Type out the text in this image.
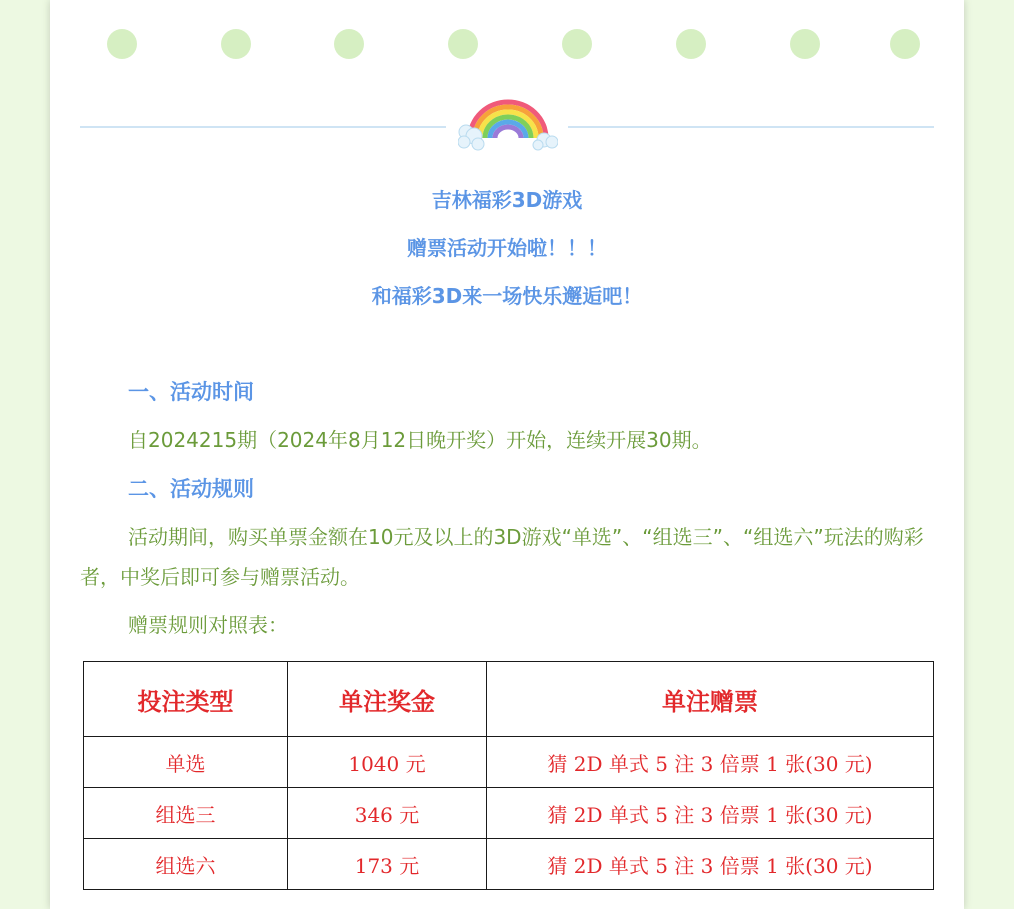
吉林福彩3D游戏
赠票活动开始啦！！！
和福彩3D来一场快乐邂逅吧！
一、活动时间
自2024215期（2024年8月12日晚开奖）开始，连续开展30期。
二、活动规则
活动期间，购买单票金额在10元及以上的3D游戏“单选”、“组选三”、“组选六”玩法的购彩者，中奖后即可参与赠票活动。
赠票规则对照表：
投注类型	单注奖金	单注赠票
单选	1040 元	猜 2D 单式 5 注 3 倍票 1 张(30 元)
组选三	346 元	猜 2D 单式 5 注 3 倍票 1 张(30 元)
组选六	173 元	猜 2D 单式 5 注 3 倍票 1 张(30 元)
